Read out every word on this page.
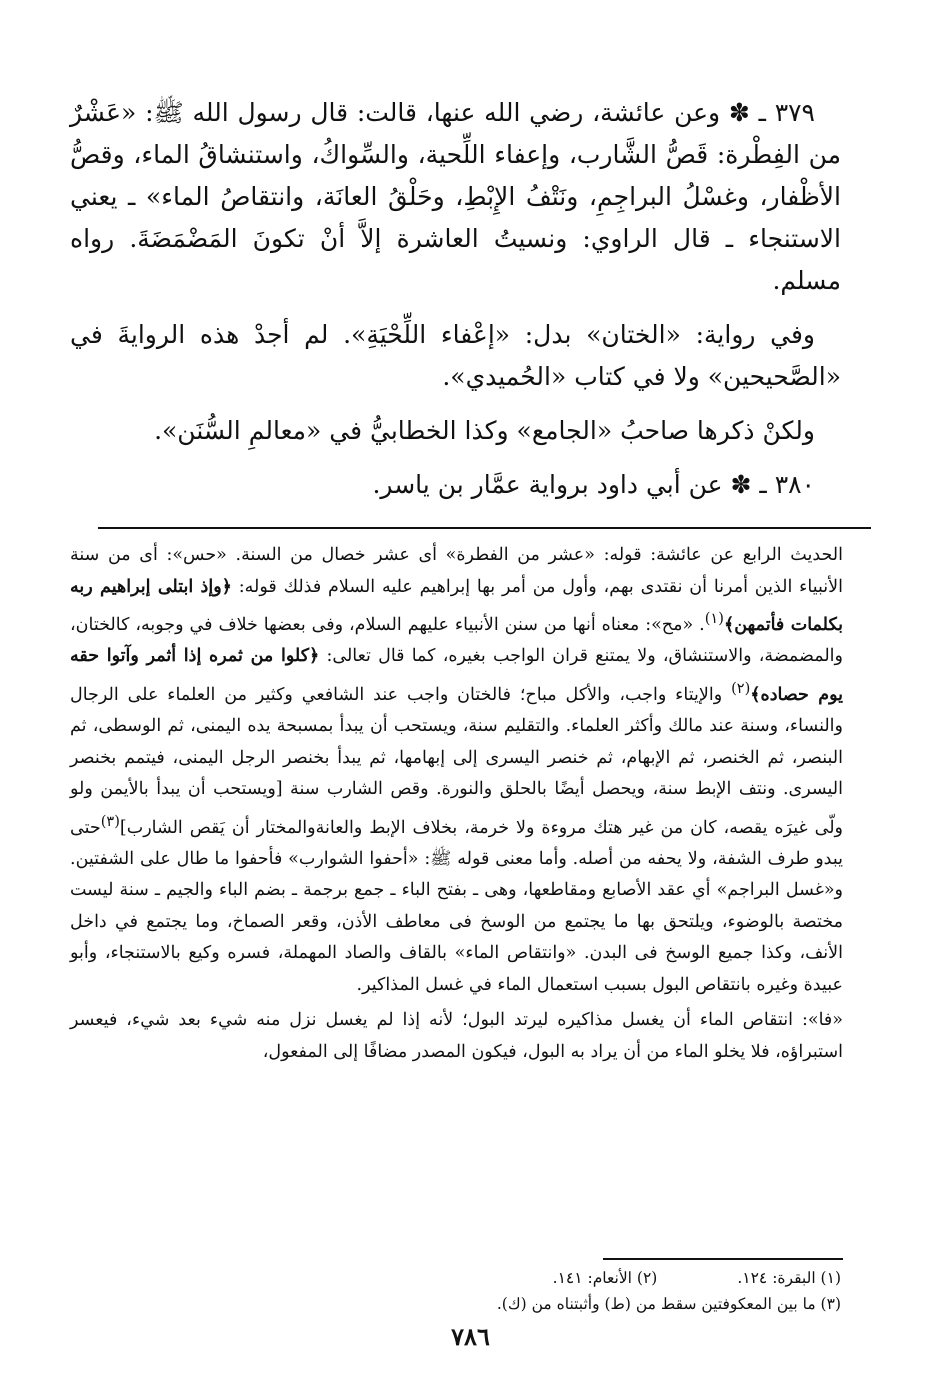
٣٧٩ ـ ✽ وعن عائشة، رضي الله عنها، قالت: قال رسول الله ﷺ: «عَشْرٌ من الفِطْرة: قَصُّ الشَّارب، وإعفاء اللِّحية، والسِّواكُ، واستنشاقُ الماء، وقصُّ الأظْفار، وغسْلُ البراجِمِ، ونَتْفُ الإِبْطِ، وحَلْقُ العانَة، وانتقاصُ الماء» ـ يعني الاستنجاء ـ قال الراوي: ونسيتُ العاشرة إلاَّ أنْ تكونَ المَضْمَضَةَ. رواه مسلم.

وفي رواية: «الختان» بدل: «إعْفاء اللِّحْيَةِ». لم أجدْ هذه الروايةَ في «الصَّحيحين» ولا في كتاب «الحُميدي».

ولكنْ ذكرها صاحبُ «الجامع» وكذا الخطابيُّ في «معالمِ السُّنَن».

٣٨٠ ـ ✽ عن أبي داود برواية عمَّار بن ياسر.

الحديث الرابع عن عائشة: قوله: «عشر من الفطرة» أى عشر خصال من السنة. «حس»: أى من سنة الأنبياء الذين أمرنا أن نقتدى بهم، وأول من أمر بها إبراهيم عليه السلام فذلك قوله: ﴿وإذ ابتلى إبراهيم ربه بكلمات فأتمهن﴾$^{(١)}$. «مح»: معناه أنها من سنن الأنبياء عليهم السلام، وفى بعضها خلاف في وجوبه، كالختان، والمضمضة، والاستنشاق، ولا يمتنع قران الواجب بغيره، كما قال تعالى: ﴿كلوا من ثمره إذا أثمر وآتوا حقه يوم حصاده﴾$^{(٢)}$ والإيتاء واجب، والأكل مباح؛ فالختان واجب عند الشافعي وكثير من العلماء على الرجال والنساء، وسنة عند مالك وأكثر العلماء. والتقليم سنة، ويستحب أن يبدأ بمسبحة يده اليمنى، ثم الوسطى، ثم البنصر، ثم الخنصر، ثم الإبهام، ثم خنصر اليسرى إلى إبهامها، ثم يبدأ بخنصر الرجل اليمنى، فيتمم بخنصر اليسرى. ونتف الإبط سنة، ويحصل أيضًا بالحلق والنورة. وقص الشارب سنة [ويستحب أن يبدأ بالأيمن ولو ولّى غيرَه يقصه، كان من غير هتك مروءة ولا خرمة، بخلاف الإبط والعانةوالمختار أن يَقص الشارب]$^{(٣)}$حتى يبدو طرف الشفة، ولا يحفه من أصله. وأما معنى قوله ﷺ: «أحفوا الشوارب» فأحفوا ما طال على الشفتين. و«غسل البراجم» أي عقد الأصابع ومقاطعها، وهى ـ بفتح الباء ـ جمع برجمة ـ بضم الباء والجيم ـ سنة ليست مختصة بالوضوء، ويلتحق بها ما يجتمع من الوسخ فى معاطف الأذن، وقعر الصماخ، وما يجتمع في داخل الأنف، وكذا جميع الوسخ فى البدن. «وانتقاص الماء» بالقاف والصاد المهملة، فسره وكيع بالاستنجاء، وأبو عبيدة وغيره بانتقاص البول بسبب استعمال الماء في غسل المذاكير.

«فا»: انتقاص الماء أن يغسل مذاكيره ليرتد البول؛ لأنه إذا لم يغسل نزل منه شيء بعد شيء، فيعسر استبراؤه، فلا يخلو الماء من أن يراد به البول، فيكون المصدر مضافًا إلى المفعول،

(١) البقرة: ١٢٤.
(٢) الأنعام: ١٤١.
(٣) ما بين المعكوفتين سقط من (ط) وأثبتناه من (ك).
٧٨٦
